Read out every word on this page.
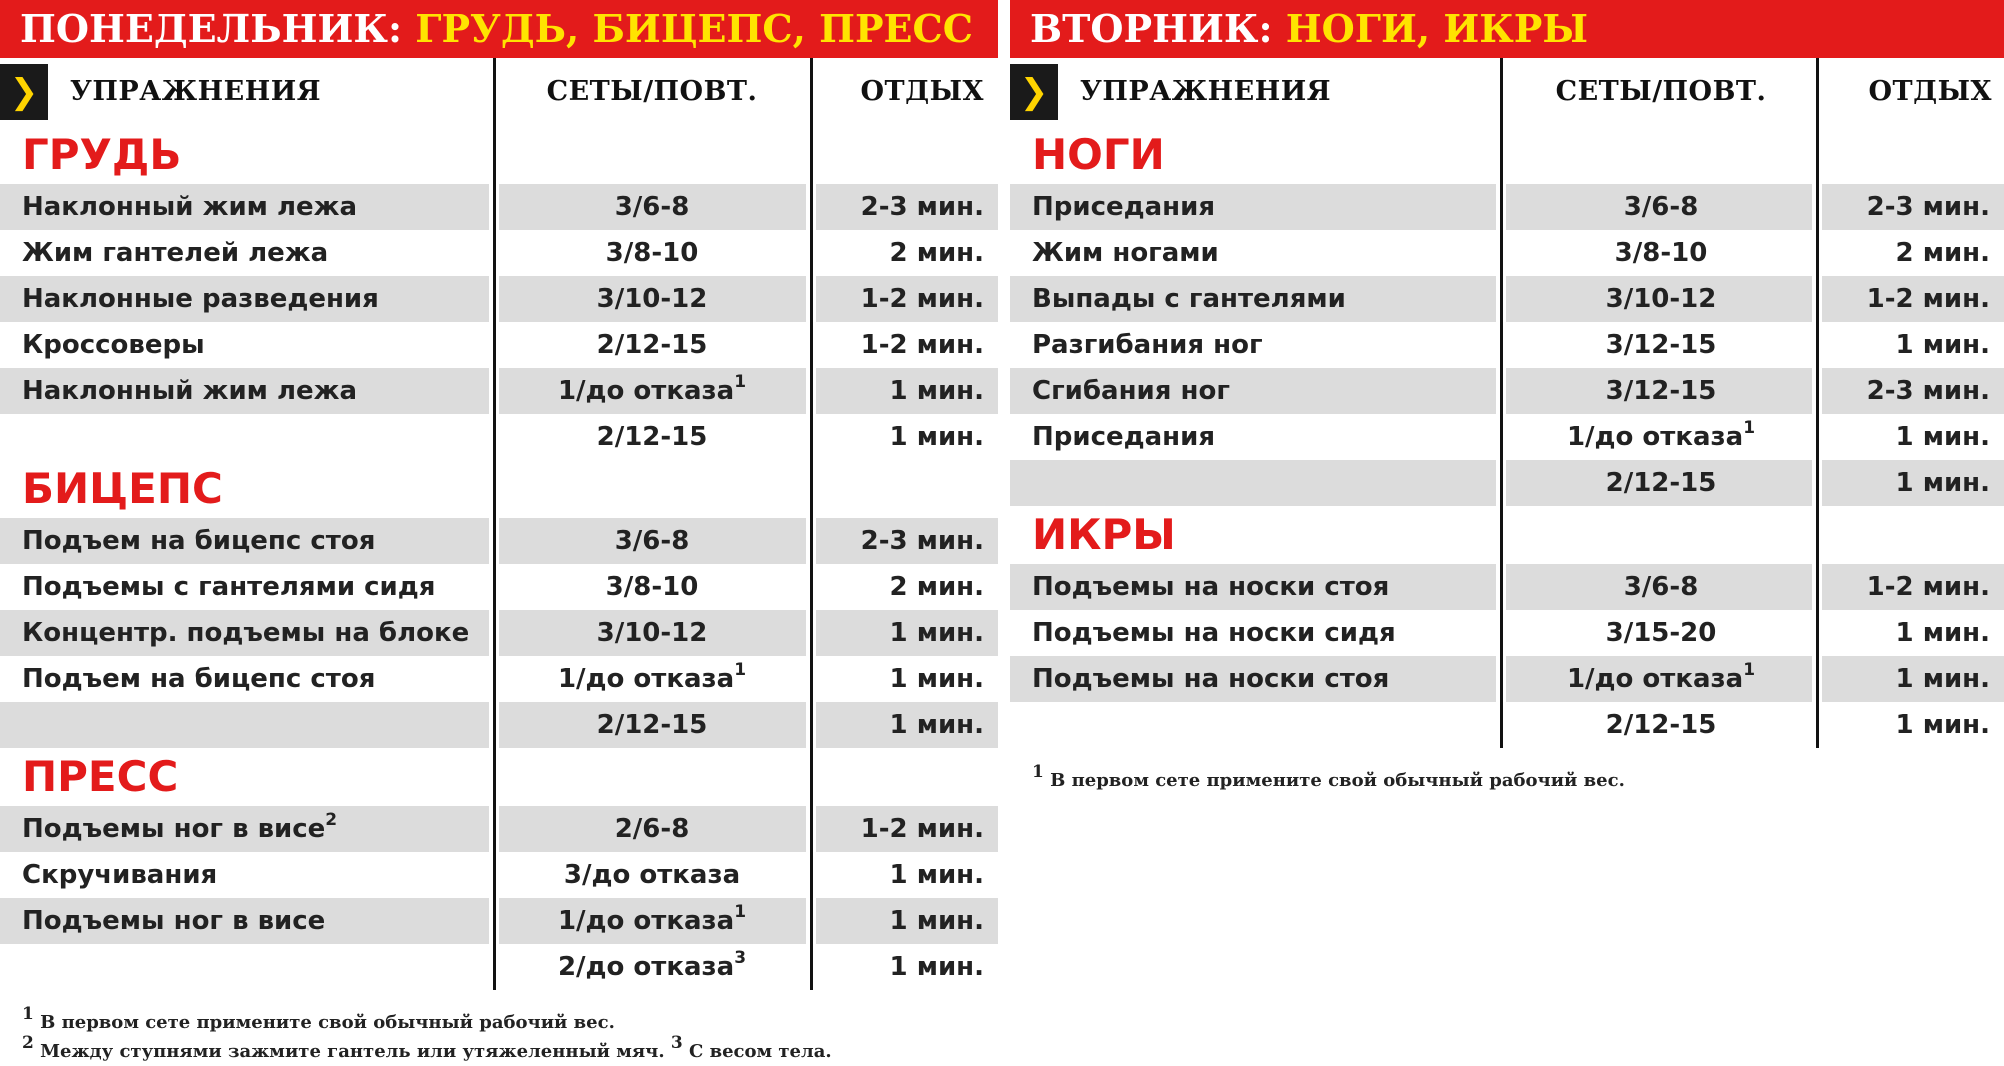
ПОНЕДЕЛЬНИК: ГРУДЬ, БИЦЕПС, ПРЕСС
❯	УПРАЖНЕНИЯ	СЕТЫ/ПОВТ.	ОТДЫХ
ГРУДЬ
Наклонный жим лежа	3/6-8	2-3 мин.
Жим гантелей лежа	3/8-10	2 мин.
Наклонные разведения	3/10-12	1-2 мин.
Кроссоверы	2/12-15	1-2 мин.
Наклонный жим лежа	1/до отказа$^1$	1 мин.
2/12-15	1 мин.
БИЦЕПС
Подъем на бицепс стоя	3/6-8	2-3 мин.
Подъемы с гантелями сидя	3/8-10	2 мин.
Концентр. подъемы на блоке	3/10-12	1 мин.
Подъем на бицепс стоя	1/до отказа$^1$	1 мин.
2/12-15	1 мин.
ПРЕСС
Подъемы ног в висе$^2$	2/6-8	1-2 мин.
Скручивания	3/до отказа	1 мин.
Подъемы ног в висе	1/до отказа$^1$	1 мин.
2/до отказа$^3$	1 мин.
$^1$ В первом сете примените свой обычный рабочий вес.
$^2$ Между ступнями зажмите гантель или утяжеленный мяч. $^3$ С весом тела.
ВТОРНИК: НОГИ, ИКРЫ
❯	УПРАЖНЕНИЯ	СЕТЫ/ПОВТ.	ОТДЫХ
НОГИ
Приседания	3/6-8	2-3 мин.
Жим ногами	3/8-10	2 мин.
Выпады с гантелями	3/10-12	1-2 мин.
Разгибания ног	3/12-15	1 мин.
Сгибания ног	3/12-15	2-3 мин.
Приседания	1/до отказа$^1$	1 мин.
2/12-15	1 мин.
ИКРЫ
Подъемы на носки стоя	3/6-8	1-2 мин.
Подъемы на носки сидя	3/15-20	1 мин.
Подъемы на носки стоя	1/до отказа$^1$	1 мин.
2/12-15	1 мин.
$^1$ В первом сете примените свой обычный рабочий вес.
